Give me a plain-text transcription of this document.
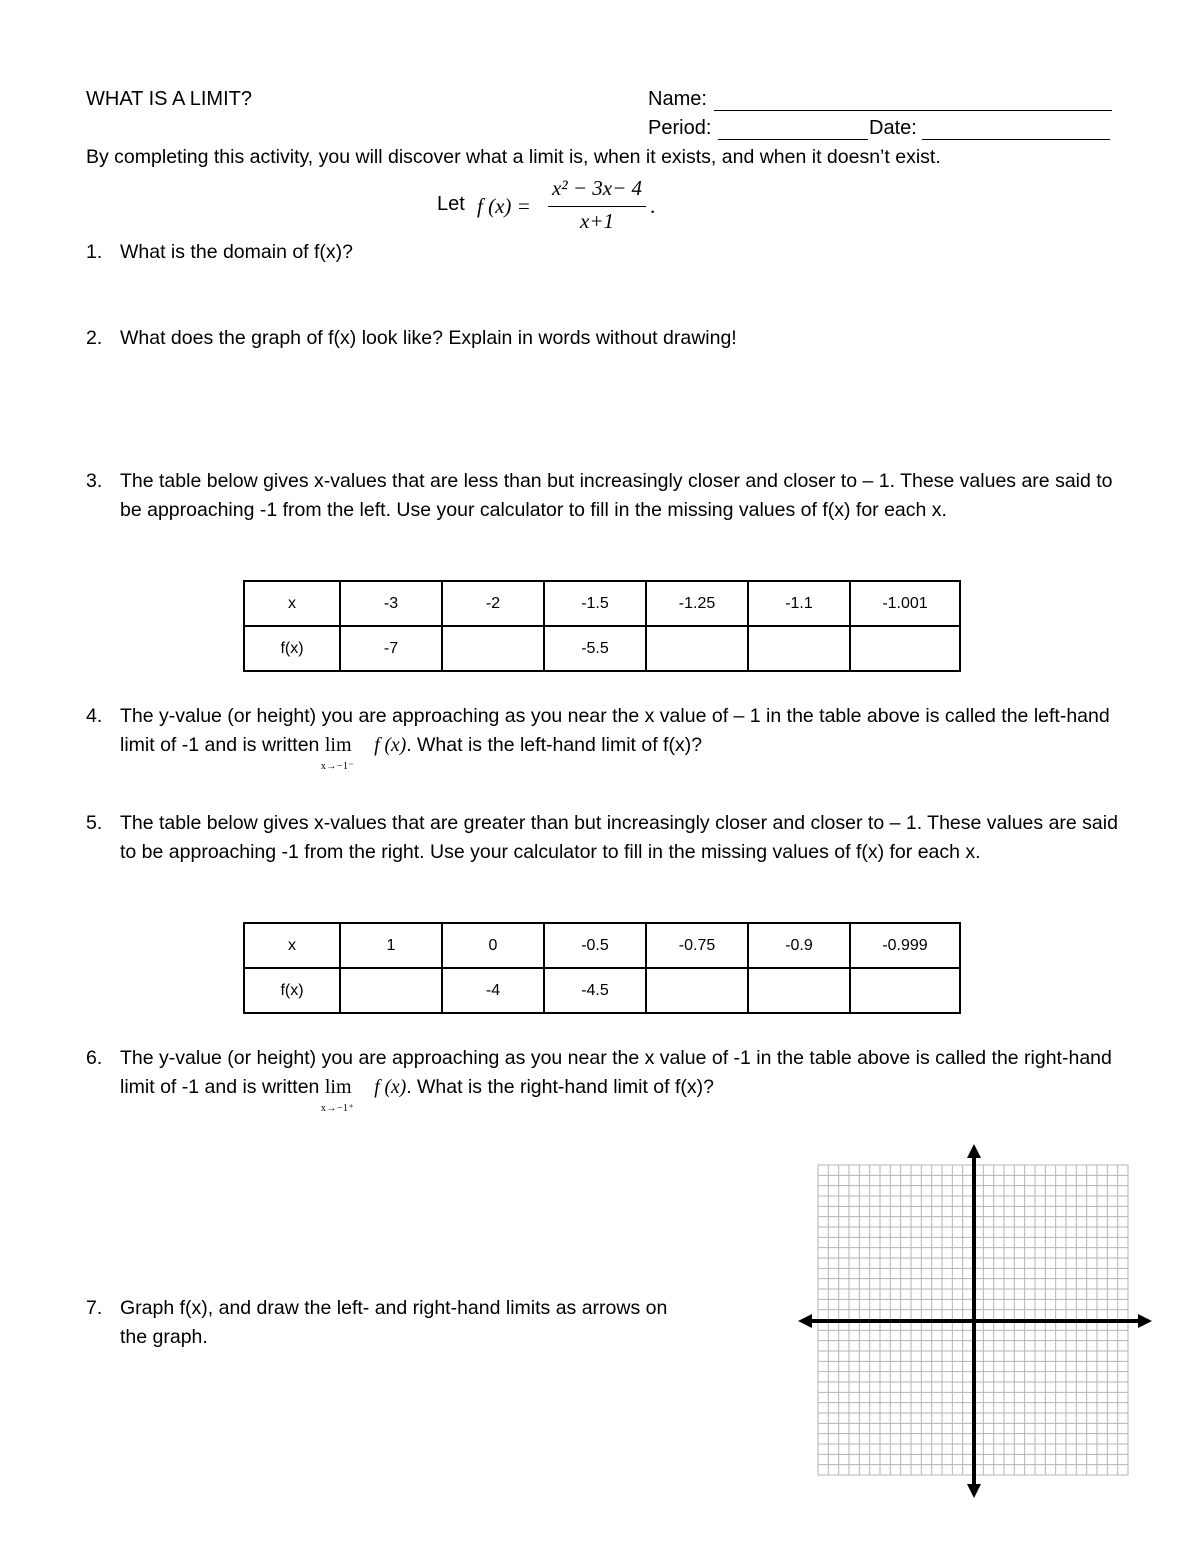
WHAT IS A LIMIT?	Name:
Period:	Date:
By completing this activity, you will discover what a limit is, when it exists, and when it doesn’t exist.
Let f (x) =
x² − 3x− 4
x+1
.
1. What is the domain of f(x)?
2. What does the graph of f(x) look like? Explain in words without drawing!
3. The table below gives x-values that are less than but increasingly closer and closer to – 1. These values are said to be approaching -1 from the left. Use your calculator to fill in the missing values of f(x) for each x.
x	-3	-2	-1.5	-1.25	-1.1	-1.001
f(x)	-7		-5.5			
4. The y-value (or height) you are approaching as you near the x value of – 1 in the table above is called the left-hand limit of -1 and is written lim
x→−1⁻
f (x). What is the left-hand limit of f(x)?
5. The table below gives x-values that are greater than but increasingly closer and closer to – 1. These values are said to be approaching -1 from the right. Use your calculator to fill in the missing values of f(x) for each x.
x	1	0	-0.5	-0.75	-0.9	-0.999
f(x)		-4	-4.5			
6. The y-value (or height) you are approaching as you near the x value of -1 in the table above is called the right-hand limit of -1 and is written lim
x→−1⁺
f (x). What is the right-hand limit of f(x)?
7. Graph f(x), and draw the left- and right-hand limits as arrows on the graph.
